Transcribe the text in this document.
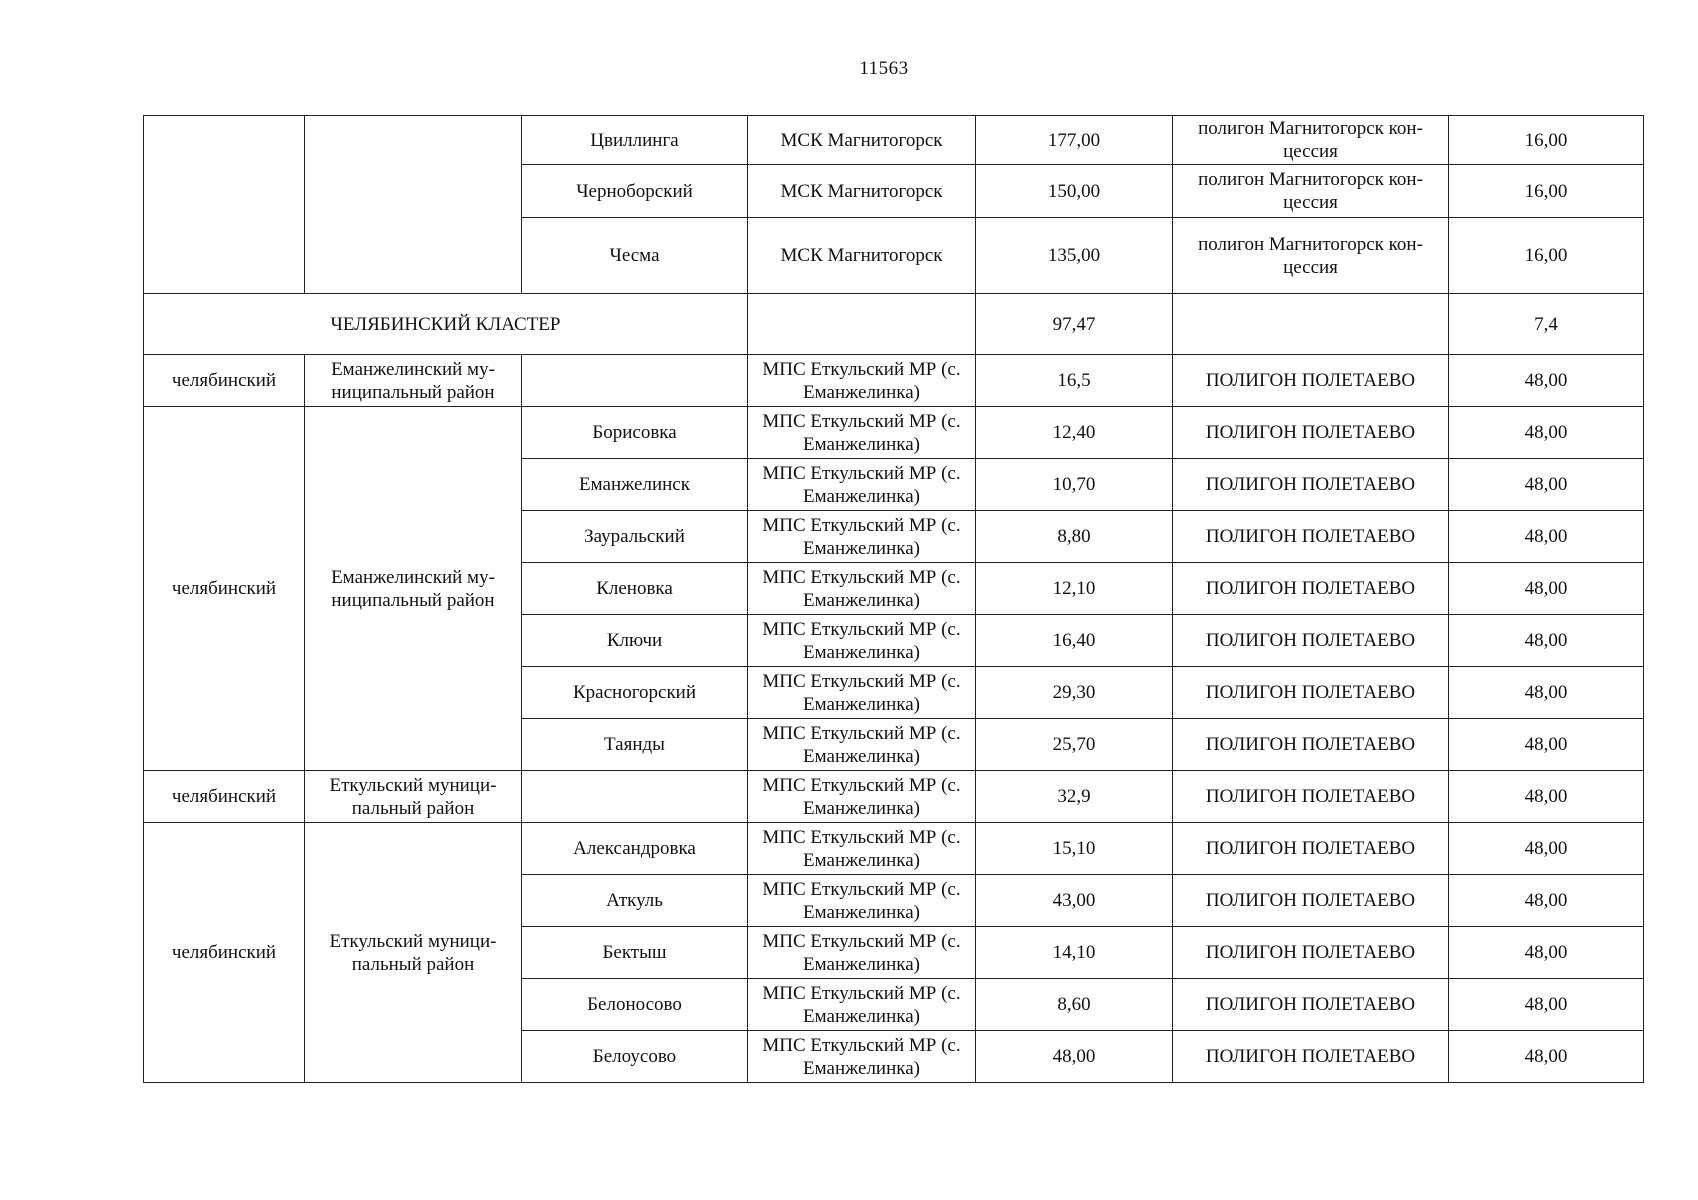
11563
		Цвиллинга	МСК Магнитогорск	177,00	полигон Магнитогорск кон-цессия	16,00
		Черноборский	МСК Магнитогорск	150,00	полигон Магнитогорск кон-цессия	16,00
		Чесма	МСК Магнитогорск	135,00	полигон Магнитогорск кон-цессия	16,00
ЧЕЛЯБИНСКИЙ КЛАСТЕР				97,47		7,4
челябинский	Еманжелинский му-ниципальный район		МПС Еткульский МР (с. Еманжелинка)	16,5	ПОЛИГОН ПОЛЕТАЕВО	48,00
челябинский	Еманжелинский му-ниципальный район	Борисовка	МПС Еткульский МР (с. Еманжелинка)	12,40	ПОЛИГОН ПОЛЕТАЕВО	48,00
		Еманжелинск	МПС Еткульский МР (с. Еманжелинка)	10,70	ПОЛИГОН ПОЛЕТАЕВО	48,00
		Зауральский	МПС Еткульский МР (с. Еманжелинка)	8,80	ПОЛИГОН ПОЛЕТАЕВО	48,00
		Кленовка	МПС Еткульский МР (с. Еманжелинка)	12,10	ПОЛИГОН ПОЛЕТАЕВО	48,00
		Ключи	МПС Еткульский МР (с. Еманжелинка)	16,40	ПОЛИГОН ПОЛЕТАЕВО	48,00
		Красногорский	МПС Еткульский МР (с. Еманжелинка)	29,30	ПОЛИГОН ПОЛЕТАЕВО	48,00
		Таянды	МПС Еткульский МР (с. Еманжелинка)	25,70	ПОЛИГОН ПОЛЕТАЕВО	48,00
челябинский	Еткульский муници-пальный район		МПС Еткульский МР (с. Еманжелинка)	32,9	ПОЛИГОН ПОЛЕТАЕВО	48,00
челябинский	Еткульский муници-пальный район	Александровка	МПС Еткульский МР (с. Еманжелинка)	15,10	ПОЛИГОН ПОЛЕТАЕВО	48,00
		Аткуль	МПС Еткульский МР (с. Еманжелинка)	43,00	ПОЛИГОН ПОЛЕТАЕВО	48,00
		Бектыш	МПС Еткульский МР (с. Еманжелинка)	14,10	ПОЛИГОН ПОЛЕТАЕВО	48,00
		Белоносово	МПС Еткульский МР (с. Еманжелинка)	8,60	ПОЛИГОН ПОЛЕТАЕВО	48,00
		Белоусово	МПС Еткульский МР (с. Еманжелинка)	48,00	ПОЛИГОН ПОЛЕТАЕВО	48,00
